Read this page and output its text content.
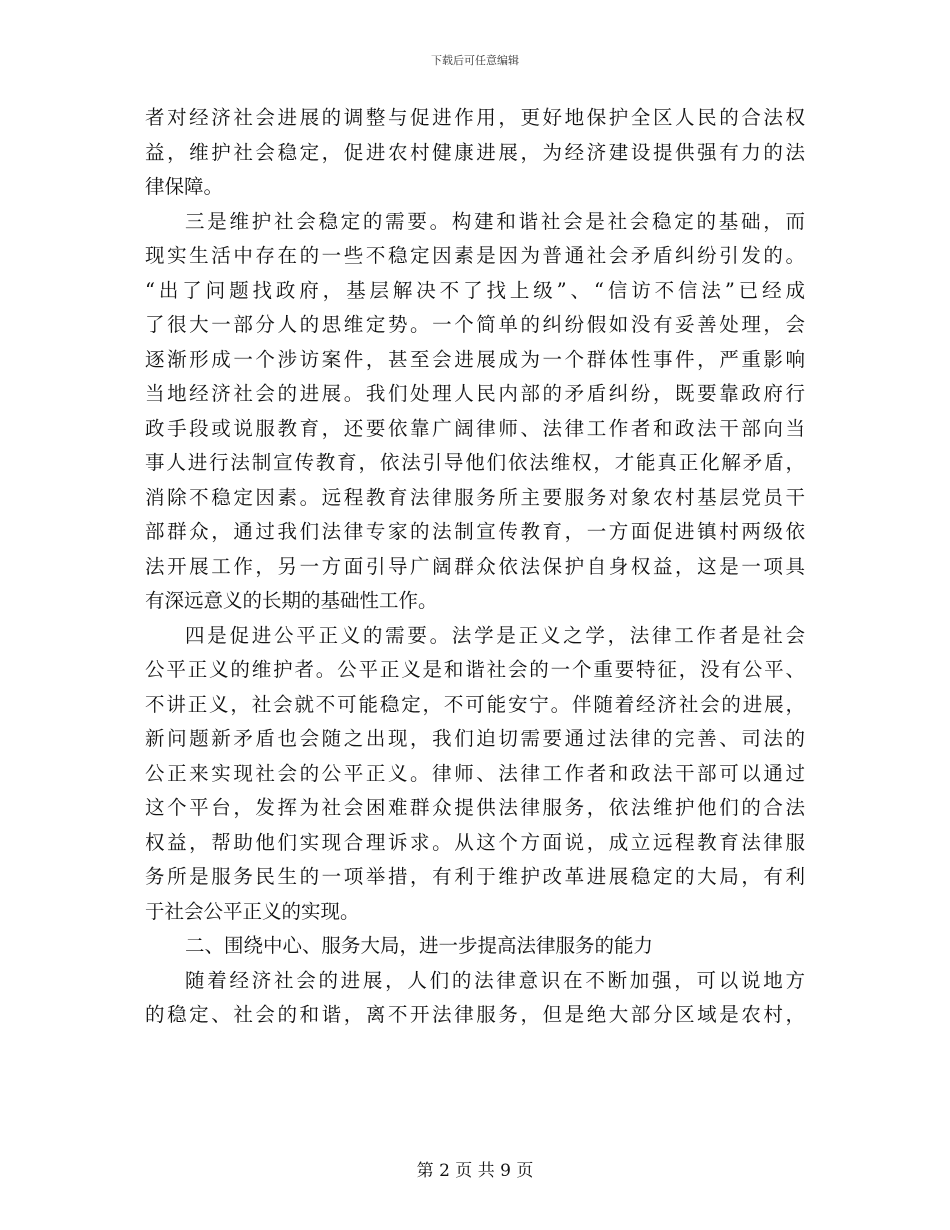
下载后可任意编辑
者对经济社会进展的调整与促进作用，更好地保护全区人民的合法权
益，维护社会稳定，促进农村健康进展，为经济建设提供强有力的法
律保障。
三是维护社会稳定的需要。构建和谐社会是社会稳定的基础，而
现实生活中存在的一些不稳定因素是因为普通社会矛盾纠纷引发的。
“出了问题找政府，基层解决不了找上级”、“信访不信法”已经成
了很大一部分人的思维定势。一个简单的纠纷假如没有妥善处理，会
逐渐形成一个涉访案件，甚至会进展成为一个群体性事件，严重影响
当地经济社会的进展。我们处理人民内部的矛盾纠纷，既要靠政府行
政手段或说服教育，还要依靠广阔律师、法律工作者和政法干部向当
事人进行法制宣传教育，依法引导他们依法维权，才能真正化解矛盾，
消除不稳定因素。远程教育法律服务所主要服务对象农村基层党员干
部群众，通过我们法律专家的法制宣传教育，一方面促进镇村两级依
法开展工作，另一方面引导广阔群众依法保护自身权益，这是一项具
有深远意义的长期的基础性工作。
四是促进公平正义的需要。法学是正义之学，法律工作者是社会
公平正义的维护者。公平正义是和谐社会的一个重要特征，没有公平、
不讲正义，社会就不可能稳定，不可能安宁。伴随着经济社会的进展，
新问题新矛盾也会随之出现，我们迫切需要通过法律的完善、司法的
公正来实现社会的公平正义。律师、法律工作者和政法干部可以通过
这个平台，发挥为社会困难群众提供法律服务，依法维护他们的合法
权益，帮助他们实现合理诉求。从这个方面说，成立远程教育法律服
务所是服务民生的一项举措，有利于维护改革进展稳定的大局，有利
于社会公平正义的实现。
二、围绕中心、服务大局，进一步提高法律服务的能力
随着经济社会的进展，人们的法律意识在不断加强，可以说地方
的稳定、社会的和谐，离不开法律服务，但是绝大部分区域是农村，
第 2 页 共 9 页
